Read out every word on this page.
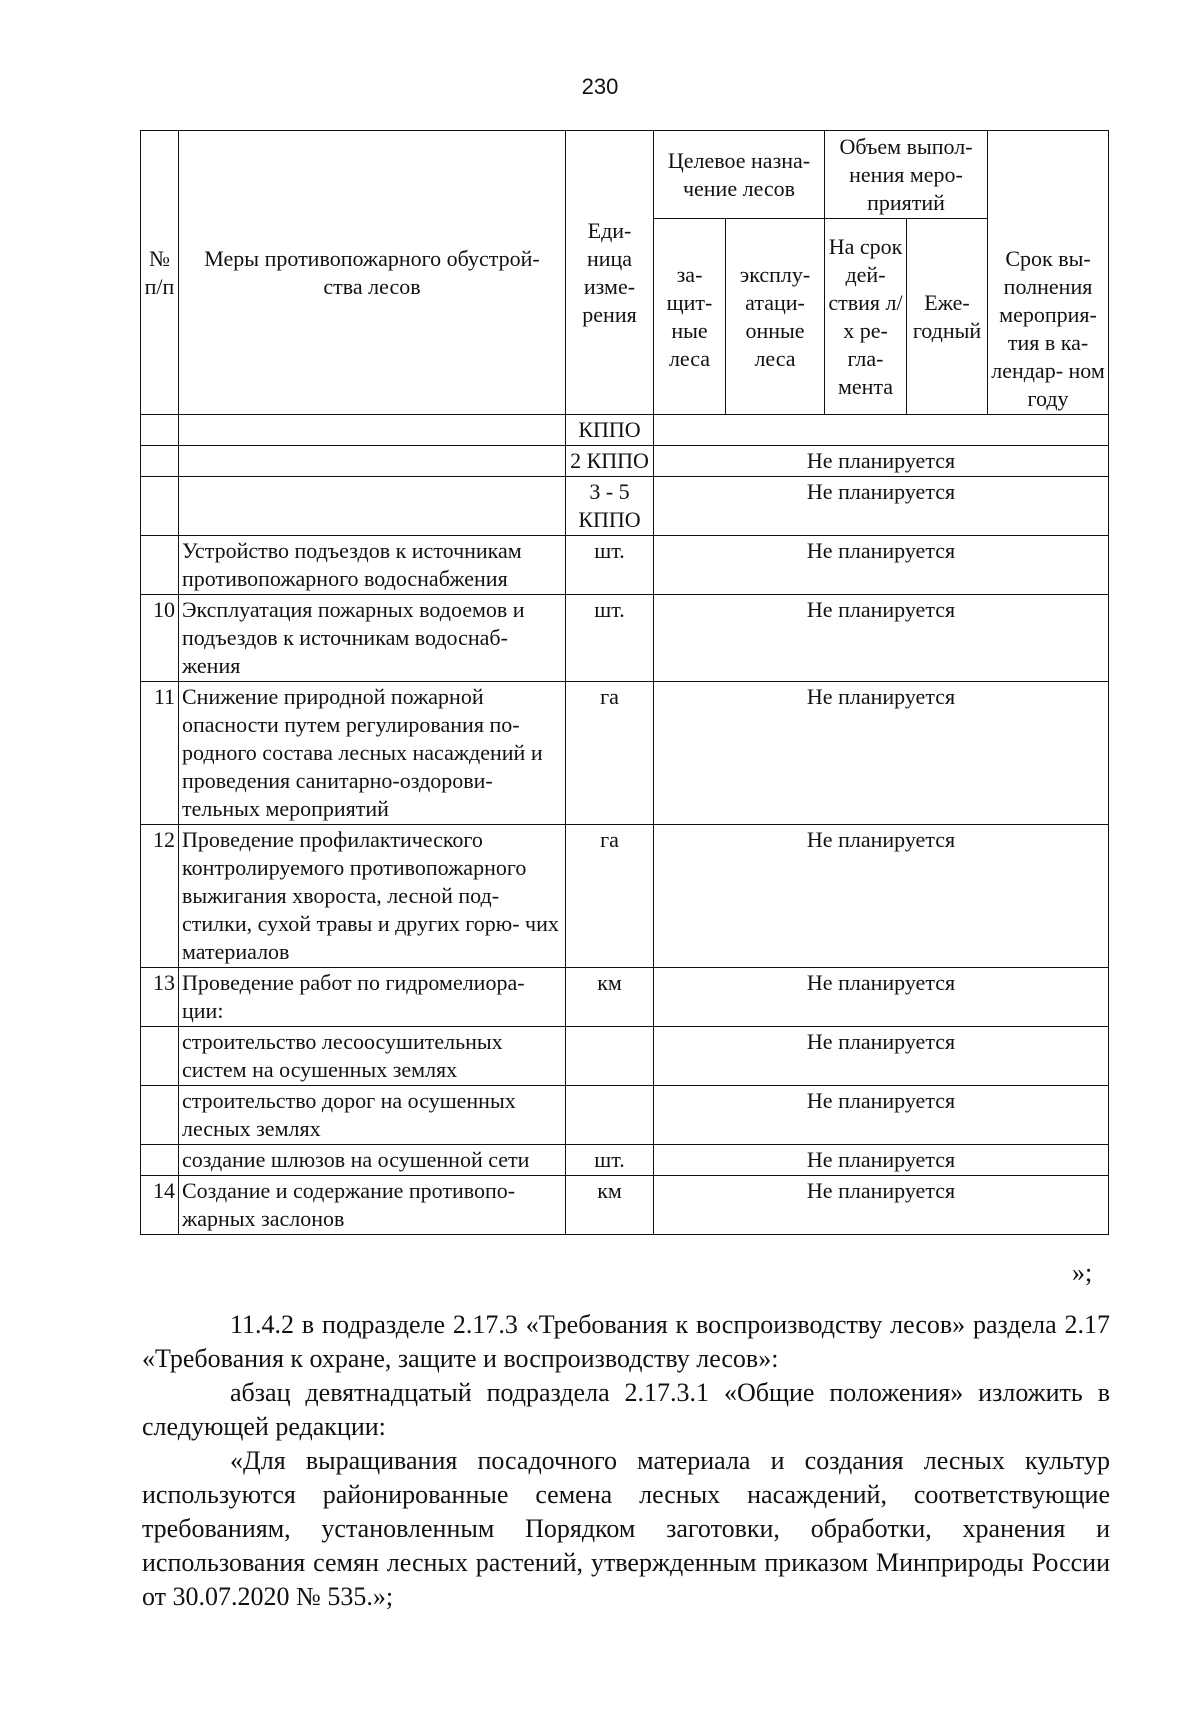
230
№ п/п	Меры противопожарного обустрой- ства лесов	Еди- ница изме- рения	Целевое назна- чение лесов		Объем выпол- нения меро- приятий		Срок вы- полнения мероприя- тия в ка- лендар- ном году
			за- щит- ные леса	эксплу- атаци- онные леса	На срок дей- ствия л/х ре- гла- мента	Еже- годный	
		КППО					
		2 КППО	Не планируется				
		3 - 5 КППО	Не планируется				
	Устройство подъездов к источникам противопожарного водоснабжения	шт.	Не планируется				
10	Эксплуатация пожарных водоемов и подъездов к источникам водоснаб- жения	шт.	Не планируется				
11	Снижение природной пожарной опасности путем регулирования по- родного состава лесных насаждений и проведения санитарно-оздорови- тельных мероприятий	га	Не планируется				
12	Проведение профилактического контролируемого противопожарного выжигания хвороста, лесной под- стилки, сухой травы и других горю- чих материалов	га	Не планируется				
13	Проведение работ по гидромелиора- ции:	км	Не планируется				
	строительство лесоосушительных систем на осушенных землях		Не планируется				
	строительство дорог на осушенных лесных землях		Не планируется				
	создание шлюзов на осушенной сети	шт.	Не планируется				
14	Создание и содержание противопо- жарных заслонов	км	Не планируется				
»;

11.4.2 в подразделе 2.17.3 «Требования к воспроизводству лесов» раздела 2.17 «Требования к охране, защите и воспроизводству лесов»:

абзац девятнадцатый подраздела 2.17.3.1 «Общие положения» изложить в следующей редакции:

«Для выращивания посадочного материала и создания лесных культур используются районированные семена лесных насаждений, соответствующие требованиям, установленным Порядком заготовки, обработки, хранения и использования семян лесных растений, утвержденным приказом Минприроды России от 30.07.2020 № 535.»;
